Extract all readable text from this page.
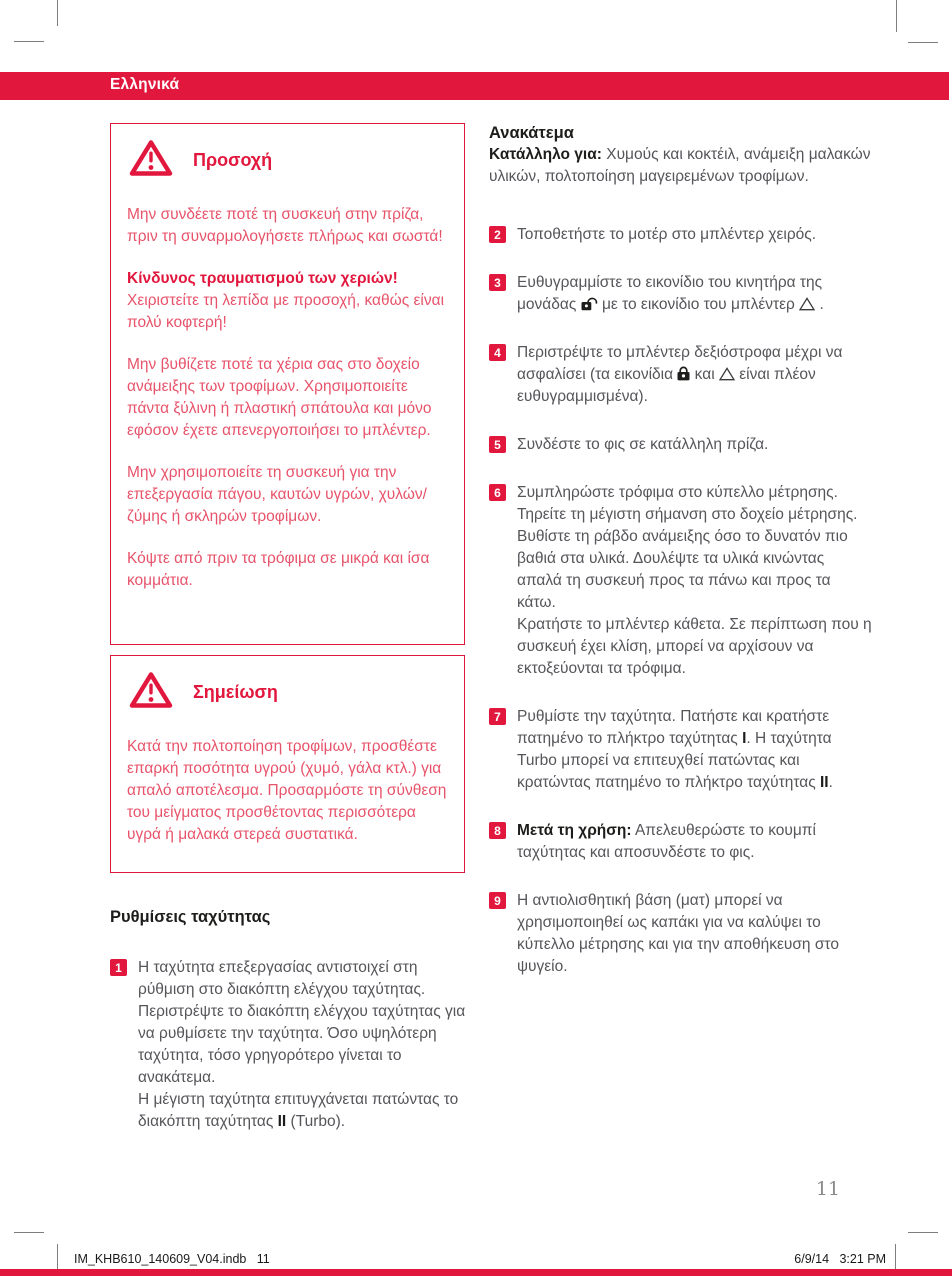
Ελληνικά
Προσοχή

Μην συνδέετε ποτέ τη συσκευή στην πρίζα, πριν τη συναρμολογήσετε πλήρως και σωστά!

Κίνδυνος τραυματισμού των χεριών!
Χειριστείτε τη λεπίδα με προσοχή, καθώς είναι πολύ κοφτερή!

Μην βυθίζετε ποτέ τα χέρια σας στο δοχείο ανάμειξης των τροφίμων. Χρησιμοποιείτε πάντα ξύλινη ή πλαστική σπάτουλα και μόνο εφόσον έχετε απενεργοποιήσει το μπλέντερ.

Μην χρησιμοποιείτε τη συσκευή για την επεξεργασία πάγου, καυτών υγρών, χυλών/ζύμης ή σκληρών τροφίμων.

Κόψτε από πριν τα τρόφιμα σε μικρά και ίσα κομμάτια.

Σημείωση

Κατά την πολτοποίηση τροφίμων, προσθέστε επαρκή ποσότητα υγρού (χυμό, γάλα κτλ.) για απαλό αποτέλεσμα. Προσαρμόστε τη σύνθεση του μείγματος προσθέτοντας περισσότερα υγρά ή μαλακά στερεά συστατικά.

Ρυθμίσεις ταχύτητας
1	Η ταχύτητα επεξεργασίας αντιστοιχεί στη ρύθμιση στο διακόπτη ελέγχου ταχύτητας. Περιστρέψτε το διακόπτη ελέγχου ταχύτητας για να ρυθμίσετε την ταχύτητα. Όσο υψηλότερη ταχύτητα, τόσο γρηγορότερο γίνεται το ανακάτεμα.
Η μέγιστη ταχύτητα επιτυγχάνεται πατώντας το διακόπτη ταχύτητας II (Turbo).
Ανακάτεμα

Κατάλληλο για: Χυμούς και κοκτέιλ, ανάμειξη μαλακών υλικών, πολτοποίηση μαγειρεμένων τροφίμων.

2	Τοποθετήστε το μοτέρ στο μπλέντερ χειρός.
3	Ευθυγραμμίστε το εικονίδιο του κινητήρα της μονάδας  με το εικονίδιο του μπλέντερ  .
4	Περιστρέψτε το μπλέντερ δεξιόστροφα μέχρι να ασφαλίσει (τα εικονίδια  και  είναι πλέον ευθυγραμμισμένα).
5	Συνδέστε το φις σε κατάλληλη πρίζα.
6	Συμπληρώστε τρόφιμα στο κύπελλο μέτρησης.
Τηρείτε τη μέγιστη σήμανση στο δοχείο μέτρησης.
Βυθίστε τη ράβδο ανάμειξης όσο το δυνατόν πιο βαθιά στα υλικά. Δουλέψτε τα υλικά κινώντας απαλά τη συσκευή προς τα πάνω και προς τα κάτω.
Κρατήστε το μπλέντερ κάθετα. Σε περίπτωση που η συσκευή έχει κλίση, μπορεί να αρχίσουν να εκτοξεύονται τα τρόφιμα.
7	Ρυθμίστε την ταχύτητα. Πατήστε και κρατήστε πατημένο το πλήκτρο ταχύτητας I. Η ταχύτητα Turbo μπορεί να επιτευχθεί πατώντας και κρατώντας πατημένο το πλήκτρο ταχύτητας II.
8	Μετά τη χρήση: Απελευθερώστε το κουμπί ταχύτητας και αποσυνδέστε το φις.
9	Η αντιολισθητική βάση (ματ) μπορεί να χρησιμοποιηθεί ως καπάκι για να καλύψει το κύπελλο μέτρησης και για την αποθήκευση στο ψυγείο.
11
IM_KHB610_140609_V04.indb   11	6/9/14   3:21 PM
